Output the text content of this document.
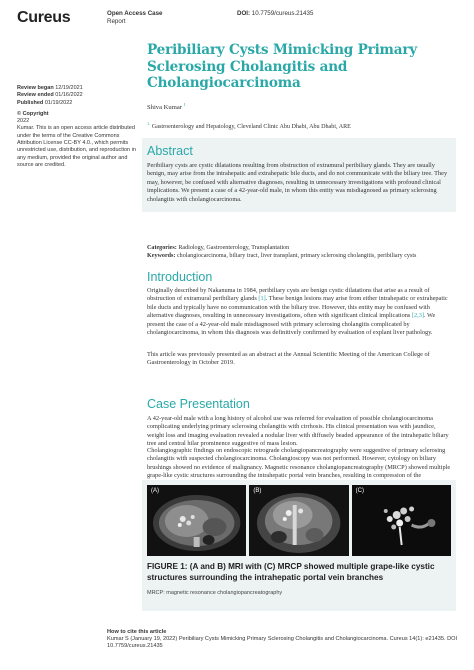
Cureus	Open Access Case
Report
DOI: 10.7759/cureus.21435
Review began 12/19/2021
Review ended 01/16/2022
Published 01/19/2022
© Copyright
2022
Kumar. This is an open access article distributed under the terms of the Creative Commons Attribution License CC-BY 4.0., which permits unrestricted use, distribution, and reproduction in any medium, provided the original author and source are credited.
Peribiliary Cysts Mimicking Primary Sclerosing Cholangitis and Cholangiocarcinoma
Shiva Kumar $^1$
$^{1.}$ Gastroenterology and Hepatology, Cleveland Clinic Abu Dhabi, Abu Dhabi, ARE
Abstract
Peribiliary cysts are cystic dilatations resulting from obstruction of extramural peribiliary glands. They are usually benign, may arise from the intrahepatic and extrahepatic bile ducts, and do not communicate with the biliary tree. They may, however, be confused with alternative diagnoses, resulting in unnecessary investigations with profound clinical implications. We present a case of a 42-year-old male, in whom this entity was misdiagnosed as primary sclerosing cholangitis with cholangiocarcinoma.
Categories: Radiology, Gastroenterology, Transplantation
Keywords: cholangiocarcinoma, biliary tract, liver transplant, primary sclerosing cholangitis, peribiliary cysts
Introduction
Originally described by Nakanuma in 1984, peribiliary cysts are benign cystic dilatations that arise as a result of obstruction of extramural peribiliary glands [1]. These benign lesions may arise from either intrahepatic or extrahepatic bile ducts and typically have no communication with the biliary tree. However, this entity may be confused with alternative diagnoses, resulting in unnecessary investigations, often with significant clinical implications [2,3]. We present the case of a 42-year-old male misdiagnosed with primary sclerosing cholangitis complicated by cholangiocarcinoma, in whom this diagnosis was definitively confirmed by evaluation of explant liver pathology.
This article was previously presented as an abstract at the Annual Scientific Meeting of the American College of Gastroenterology in October 2019.
Case Presentation
A 42-year-old male with a long history of alcohol use was referred for evaluation of possible cholangiocarcinoma complicating underlying primary sclerosing cholangitis with cirrhosis. His clinical presentation was with jaundice, weight loss and imaging evaluation revealed a nodular liver with diffusely beaded appearance of the intrahepatic biliary tree and central hilar prominence suggestive of mass lesion.
Cholangiographic findings on endoscopic retrograde cholangiopancreatography were suggestive of primary sclerosing cholangitis with suspected cholangiocarcinoma. Cholangioscopy was not performed. However, cytology on biliary brushings showed no evidence of malignancy. Magnetic resonance cholangiopancreatography (MRCP) showed multiple grape-like cystic structures surrounding the intrahepatic portal vein branches, resulting in compression of the
(A)	(B)	(C)
FIGURE 1: (A and B) MRI with (C) MRCP showed multiple grape-like cystic structures surrounding the intrahepatic portal vein branches
MRCP: magnetic resonance cholangiopancreatography
How to cite this article
Kumar S (January 19, 2022) Peribiliary Cysts Mimicking Primary Sclerosing Cholangitis and Cholangiocarcinoma. Cureus 14(1): e21435. DOI 10.7759/cureus.21435
